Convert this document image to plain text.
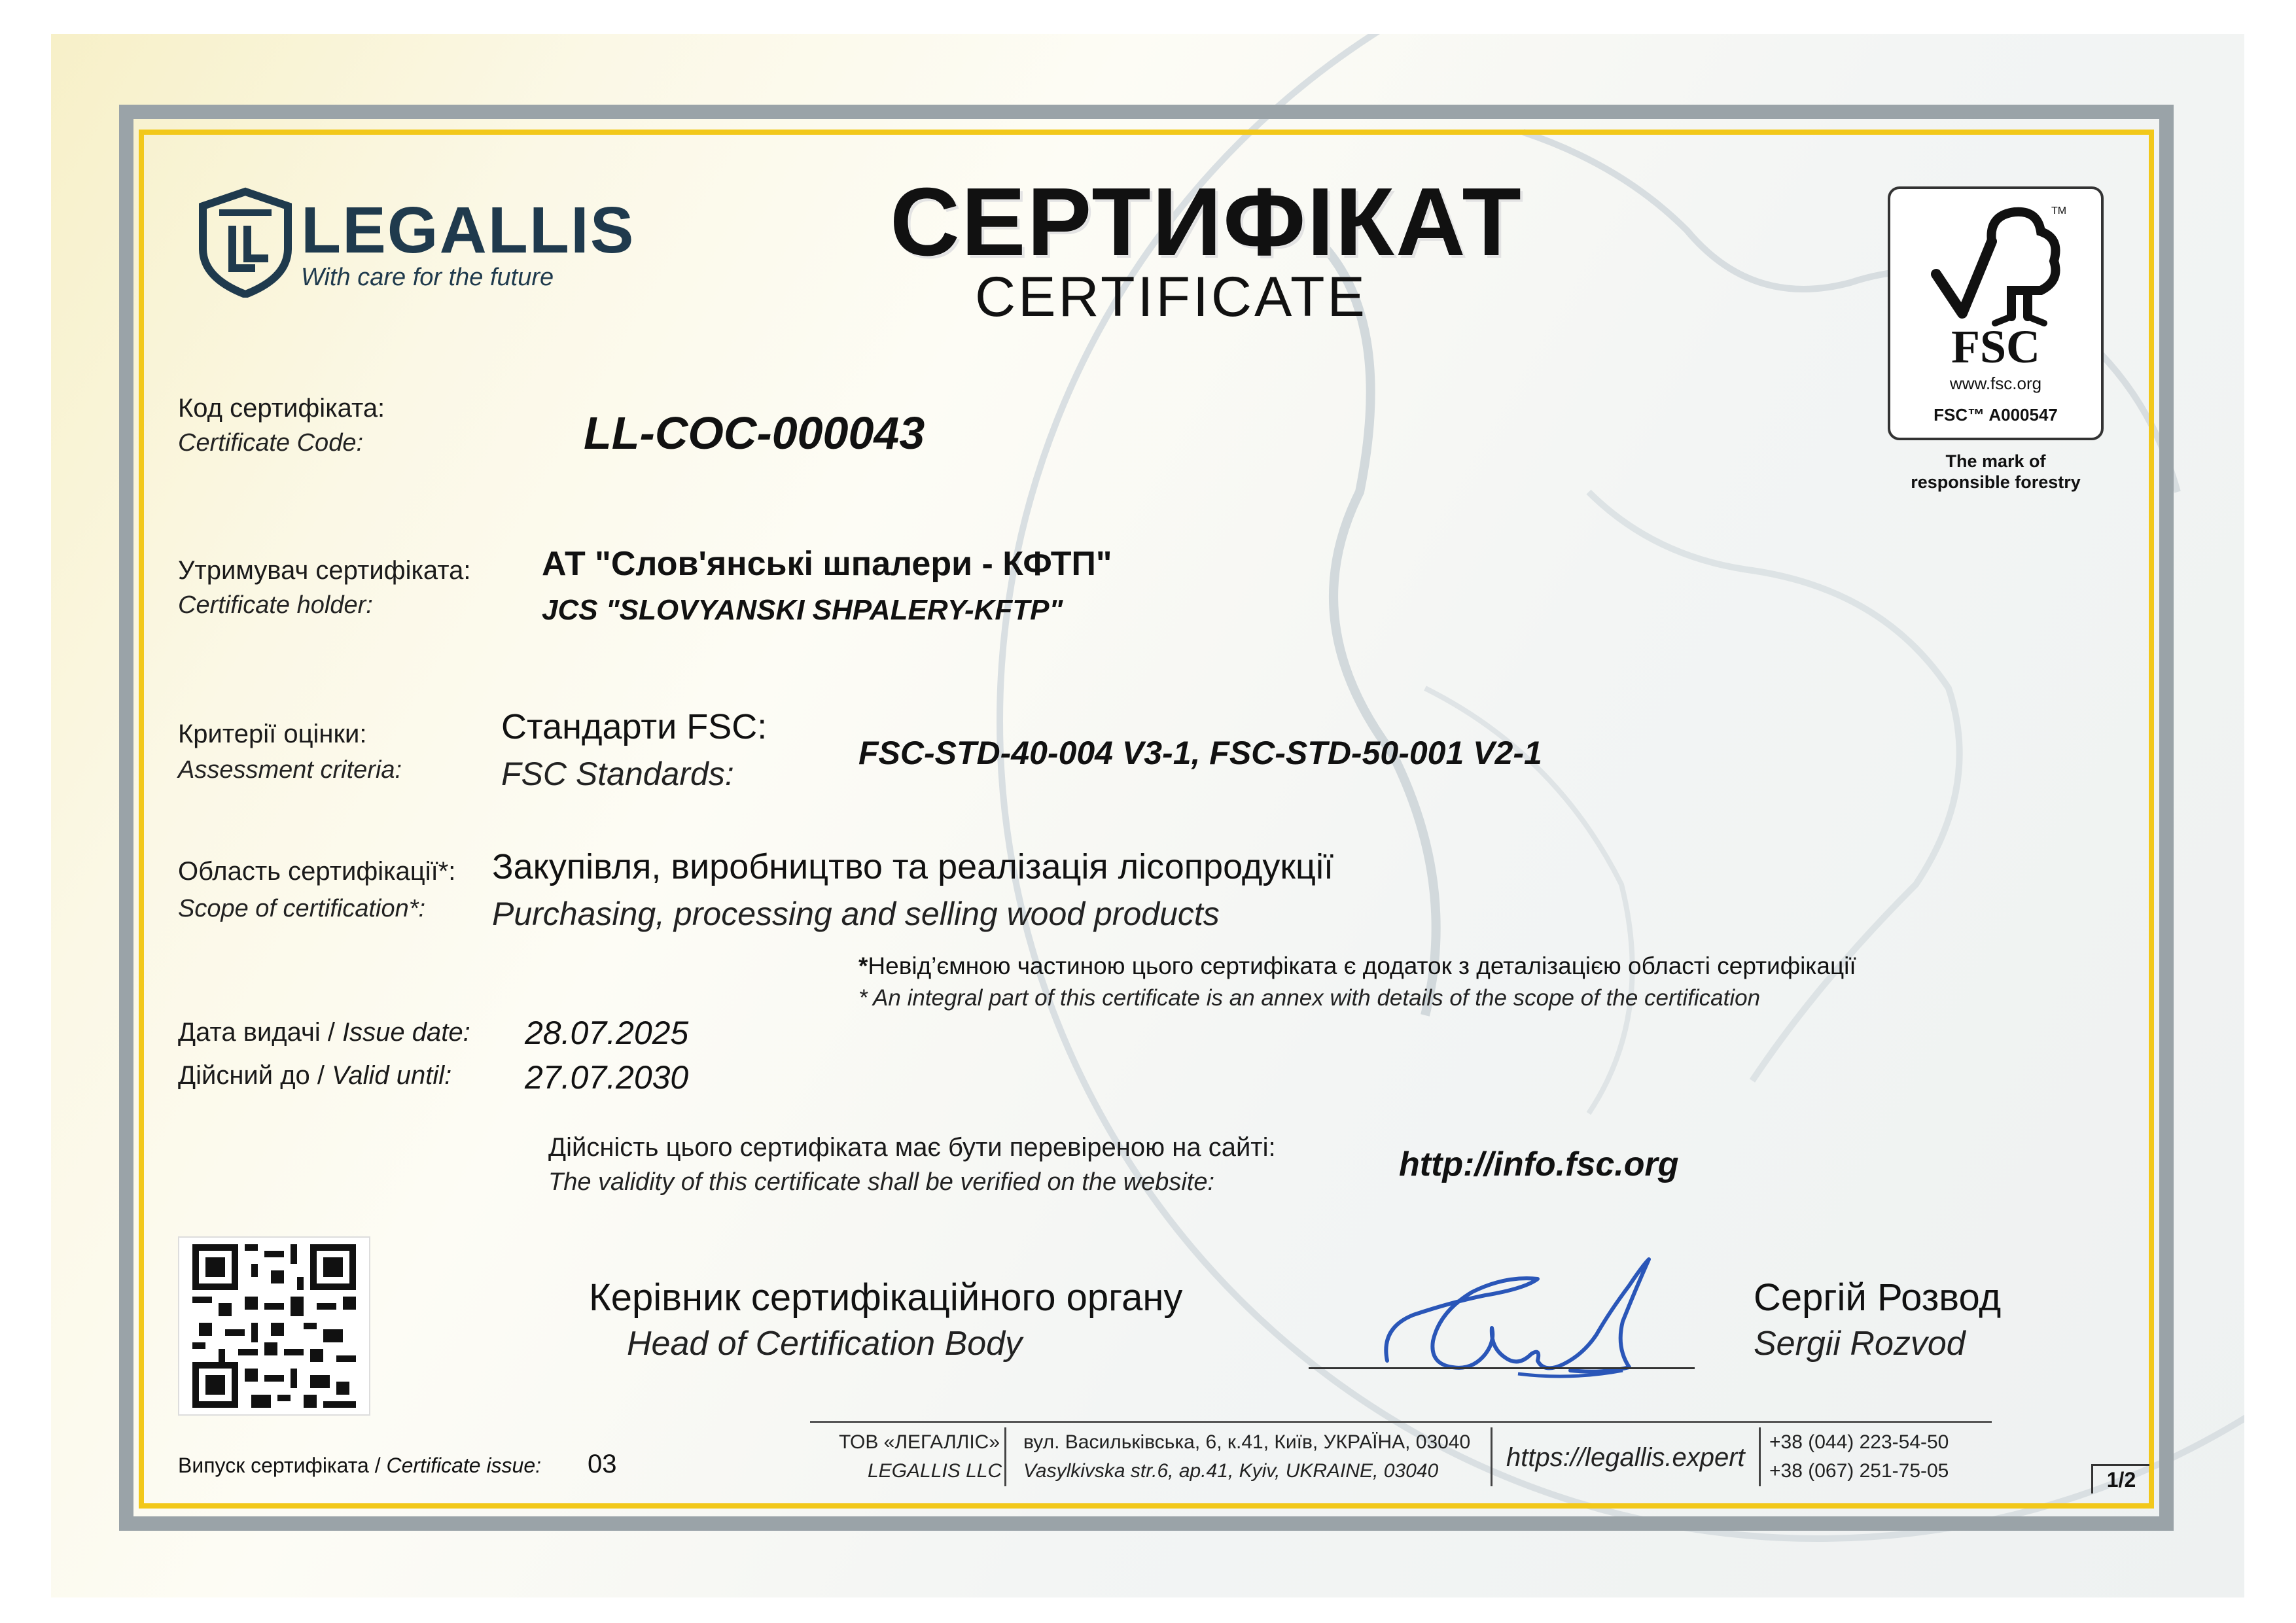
LEGALLIS
With care for the future
СЕРТИФІКАТ
CERTIFICATE
TM
FSC
www.fsc.org
FSC™ A000547
The mark of
responsible forestry
Код сертифіката:
Certificate Code:	LL-COC-000043
Утримувач сертифіката:
Certificate holder:
АТ "Слов'янські шпалери - КФТП"
JCS "SLOVYANSKI SHPALERY-KFTP"
Критерії оцінки:
Assessment criteria:
Стандарти FSC:
FSC Standards:
FSC-STD-40-004 V3-1, FSC-STD-50-001 V2-1
Область сертифікації*:
Scope of certification*:
Закупівля, виробництво та реалізація лісопродукції
Purchasing, processing and selling wood products
*Невід’ємною частиною цього сертифіката є додаток з деталізацією області сертифікації
* An integral part of this certificate is an annex with details of the scope of the certification
Дата видачі / Issue date: 28.07.2025
Дійсний до / Valid until: 27.07.2030
Дійсність цього сертифіката має бути перевіреною на сайті:
The validity of this certificate shall be verified on the website:	http://info.fsc.org
Керівник сертифікаційного органу
Head of Certification Body
Сергій Розвод
Sergii Rozvod
Випуск сертифіката / Certificate issue: 03
ТОВ «ЛЕГАЛЛІС»
LEGALLIS LLC
вул. Васильківська, 6, к.41, Київ, УКРАЇНА, 03040
Vasylkivska str.6, ap.41, Kyiv, UKRAINE, 03040	https://legallis.expert
+38 (044) 223-54-50
+38 (067) 251-75-05	1/2
